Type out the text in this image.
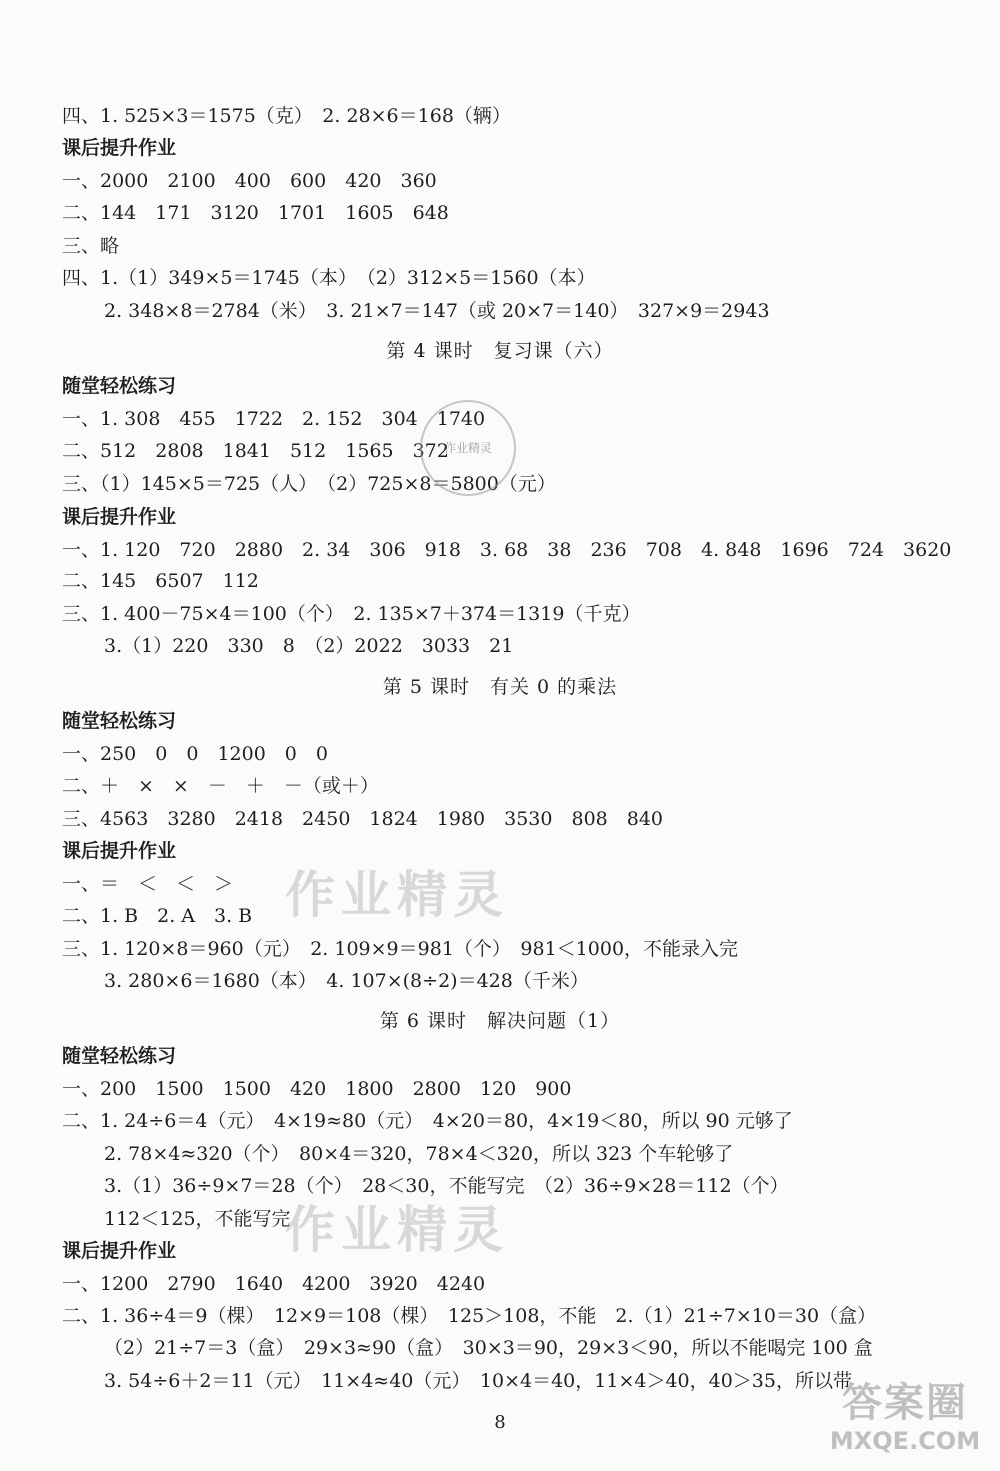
四、1. 525×3＝1575（克）　2. 28×6＝168（辆）
课后提升作业
一、2000　2100　400　600　420　360
二、144　171　3120　1701　1605　648
三、略
四、1.（1）349×5＝1745（本）　（2）312×5＝1560（本）
2. 348×8＝2784（米）　3. 21×7＝147（或 20×7＝140）　327×9＝2943
第 4 课时　复习课（六）
随堂轻松练习
一、1. 308　455　1722　2. 152　304　1740
二、512　2808　1841　512　1565　372
三、（1）145×5＝725（人）　（2）725×8＝5800（元）
课后提升作业
一、1. 120　720　2880　2. 34　306　918　3. 68　38　236　708　4. 848　1696　724　3620
二、145　6507　112
三、1. 400－75×4＝100（个）　2. 135×7＋374＝1319（千克）
3.（1）220　330　8　（2）2022　3033　21
第 5 课时　有关 0 的乘法
随堂轻松练习
一、250　0　0　1200　0　0
二、＋　×　×　－　＋　－（或＋）
三、4563　3280　2418　2450　1824　1980　3530　808　840
课后提升作业
一、＝　＜　＜　＞
二、1. B　2. A　3. B
三、1. 120×8＝960（元）　2. 109×9＝981（个）　981＜1000，不能录入完
3. 280×6＝1680（本）　4. 107×(8÷2)＝428（千米）
第 6 课时　解决问题（1）
随堂轻松练习
一、200　1500　1500　420　1800　2800　120　900
二、1. 24÷6＝4（元）　4×19≈80（元）　4×20＝80，4×19＜80，所以 90 元够了
2. 78×4≈320（个）　80×4＝320，78×4＜320，所以 323 个车轮够了
3.（1）36÷9×7＝28（个）　28＜30，不能写完　（2）36÷9×28＝112（个）
112＜125，不能写完
课后提升作业
一、1200　2790　1640　4200　3920　4240
二、1. 36÷4＝9（棵）　12×9＝108（棵）　125＞108，不能　2.（1）21÷7×10＝30（盒）
（2）21÷7＝3（盒）　29×3≈90（盒）　30×3＝90，29×3＜90，所以不能喝完 100 盒
3. 54÷6＋2＝11（元）　11×4≈40（元）　10×4＝40，11×4＞40，40＞35，所以带
8
作业精灵
作业精灵
作业精灵
答案圈
MXQE.COM
